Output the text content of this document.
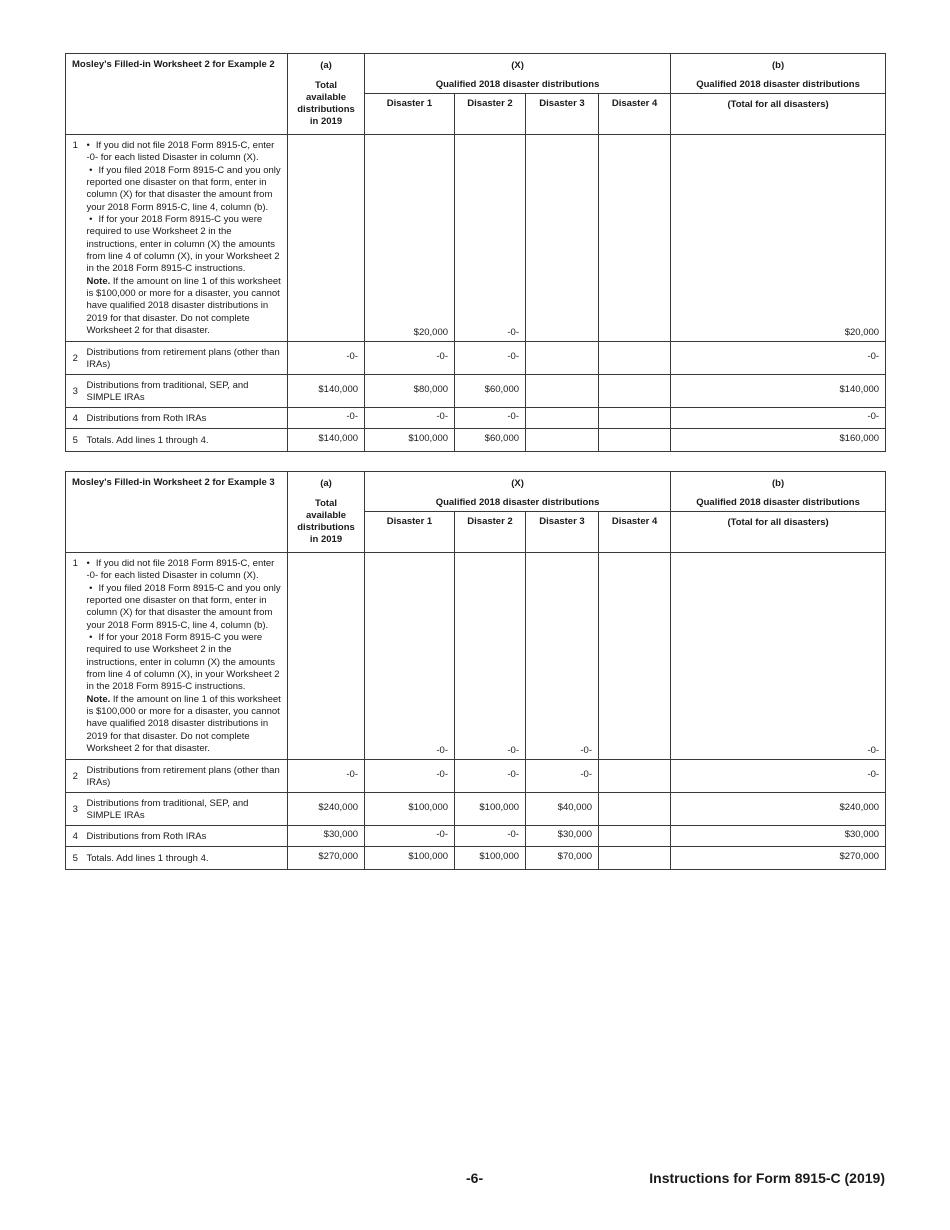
Mosley's Filled-in Worksheet 2 for Example 2		(a)	(X)				(b)

		Total
available distributions in 2019	Qualified 2018 disaster distributions				Qualified 2018 disaster distributions
			Disaster 1	Disaster 2	Disaster 3	Disaster 4	(Total for all disasters)
1	• If you did not file 2018 Form 8915-C, enter -0- for each listed Disaster in column (X).
• If you filed 2018 Form 8915-C and you only reported one disaster on that form, enter in column (X) for that disaster the amount from your 2018 Form 8915-C, line 4, column (b).
• If for your 2018 Form 8915-C you were required to use Worksheet 2 in the instructions, enter in column (X) the amounts from line 4 of column (X), in your Worksheet 2 in the 2018 Form 8915-C instructions.
Note. If the amount on line 1 of this worksheet is $100,000 or more for a disaster, you cannot have qualified 2018 disaster distributions in 2019 for that disaster. Do not complete Worksheet 2 for that disaster.		$20,000	-0-			$20,000
2	Distributions from retirement plans (other than IRAs)	-0-	-0-	-0-			-0-
3	Distributions from traditional, SEP, and SIMPLE IRAs	$140,000	$80,000	$60,000			$140,000
4	Distributions from Roth IRAs	-0-	-0-	-0-			-0-
5	Totals. Add lines 1 through 4.	$140,000	$100,000	$60,000			$160,000
Mosley's Filled-in Worksheet 2 for Example 3		(a)	(X)				(b)

		Total
available distributions in 2019	Qualified 2018 disaster distributions				Qualified 2018 disaster distributions
			Disaster 1	Disaster 2	Disaster 3	Disaster 4	(Total for all disasters)
1	• If you did not file 2018 Form 8915-C, enter -0- for each listed Disaster in column (X).
• If you filed 2018 Form 8915-C and you only reported one disaster on that form, enter in column (X) for that disaster the amount from your 2018 Form 8915-C, line 4, column (b).
• If for your 2018 Form 8915-C you were required to use Worksheet 2 in the instructions, enter in column (X) the amounts from line 4 of column (X), in your Worksheet 2 in the 2018 Form 8915-C instructions.
Note. If the amount on line 1 of this worksheet is $100,000 or more for a disaster, you cannot have qualified 2018 disaster distributions in 2019 for that disaster. Do not complete Worksheet 2 for that disaster.		-0-	-0-	-0-		-0-
2	Distributions from retirement plans (other than IRAs)	-0-	-0-	-0-	-0-		-0-
3	Distributions from traditional, SEP, and SIMPLE IRAs	$240,000	$100,000	$100,000	$40,000		$240,000
4	Distributions from Roth IRAs	$30,000	-0-	-0-	$30,000		$30,000
5	Totals. Add lines 1 through 4.	$270,000	$100,000	$100,000	$70,000		$270,000
-6-	Instructions for Form 8915-C (2019)
